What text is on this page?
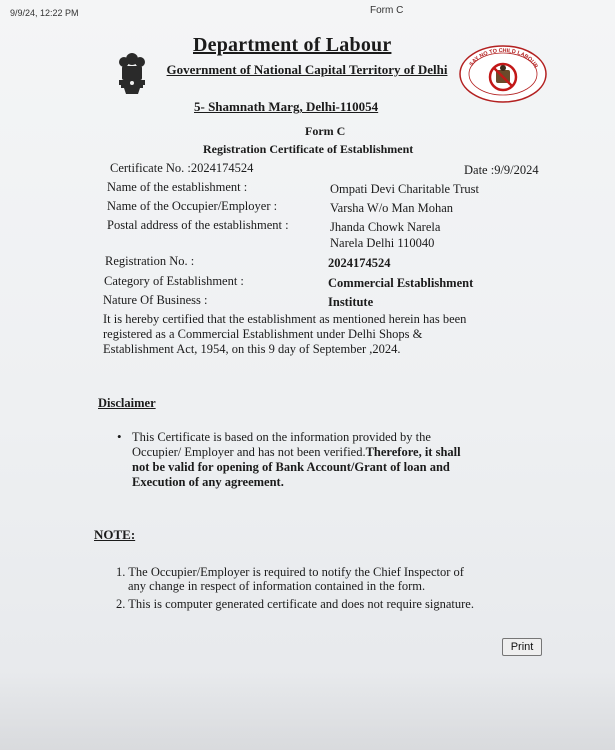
9/9/24, 12:22 PM	Form C
Department of Labour
Government of National Capital Territory of Delhi
5- Shamnath Marg, Delhi-110054
SAY NO TO CHILD LABOUR
Form C
Registration Certificate of Establishment
Certificate No. :2024174524	Date :9/9/2024
Name of the establishment :	Ompati Devi Charitable Trust
Name of the Occupier/Employer :	Varsha W/o Man Mohan
Postal address of the establishment :	Jhanda Chowk Narela
Narela Delhi 110040
Registration No. :	2024174524
Category of Establishment :	Commercial Establishment
Nature Of Business :	Institute
It is hereby certified that the establishment as mentioned herein has been
registered as a Commercial Establishment under Delhi Shops &
Establishment Act, 1954, on this 9 day of September ,2024.
Disclaimer
• This Certificate is based on the information provided by the
Occupier/ Employer and has not been verified.Therefore, it shall
not be valid for opening of Bank Account/Grant of loan and
Execution of any agreement.
NOTE:
1. The Occupier/Employer is required to notify the Chief Inspector of
any change in respect of information contained in the form.
2. This is computer generated certificate and does not require signature.
Print
